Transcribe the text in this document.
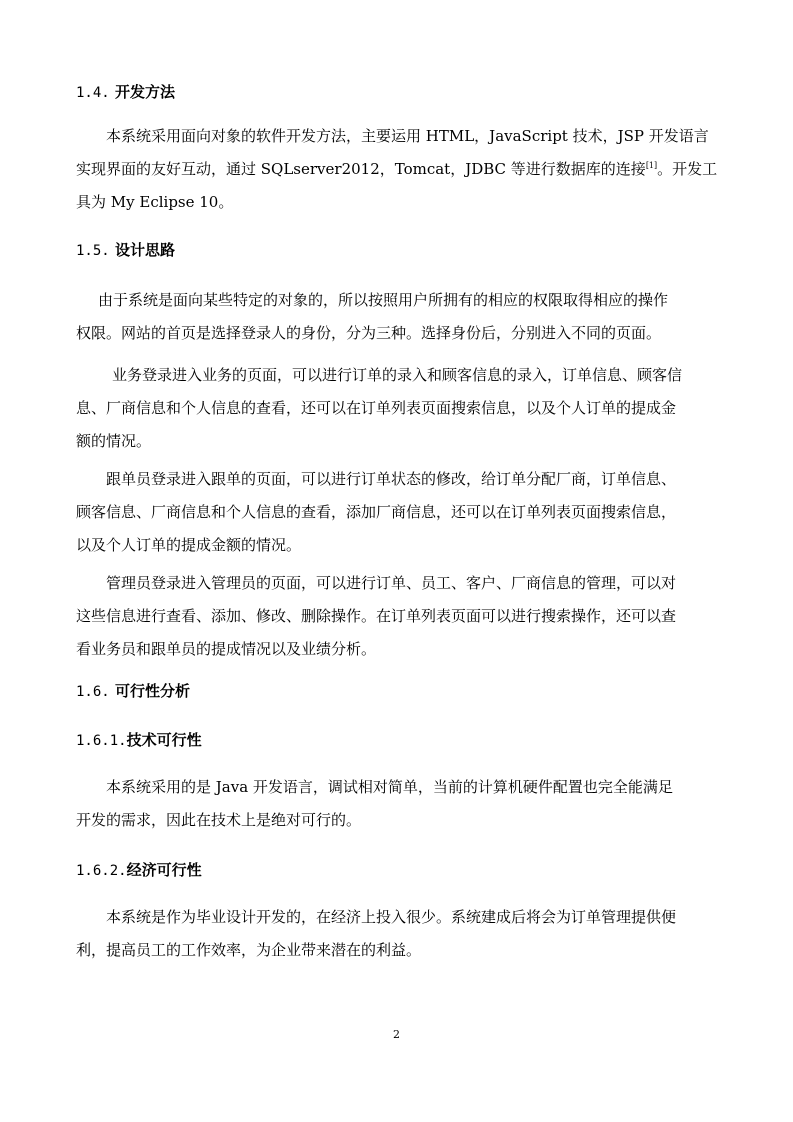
1.4. 开发方法
本系统采用面向对象的软件开发方法，主要运用 HTML，JavaScript 技术，JSP 开发语言
实现界面的友好互动，通过 SQLserver2012，Tomcat，JDBC 等进行数据库的连接[1]。开发工
具为 My Eclipse 10。
1.5. 设计思路
由于系统是面向某些特定的对象的，所以按照用户所拥有的相应的权限取得相应的操作
权限。网站的首页是选择登录人的身份，分为三种。选择身份后，分别进入不同的页面。
业务登录进入业务的页面，可以进行订单的录入和顾客信息的录入，订单信息、顾客信
息、厂商信息和个人信息的查看，还可以在订单列表页面搜索信息，以及个人订单的提成金
额的情况。
跟单员登录进入跟单的页面，可以进行订单状态的修改，给订单分配厂商，订单信息、
顾客信息、厂商信息和个人信息的查看，添加厂商信息，还可以在订单列表页面搜索信息，
以及个人订单的提成金额的情况。
管理员登录进入管理员的页面，可以进行订单、员工、客户、厂商信息的管理，可以对
这些信息进行查看、添加、修改、删除操作。在订单列表页面可以进行搜索操作，还可以查
看业务员和跟单员的提成情况以及业绩分析。
1.6. 可行性分析
1.6.1.技术可行性
本系统采用的是 Java 开发语言，调试相对简单，当前的计算机硬件配置也完全能满足
开发的需求，因此在技术上是绝对可行的。
1.6.2.经济可行性
本系统是作为毕业设计开发的，在经济上投入很少。系统建成后将会为订单管理提供便
利，提高员工的工作效率，为企业带来潜在的利益。
2
